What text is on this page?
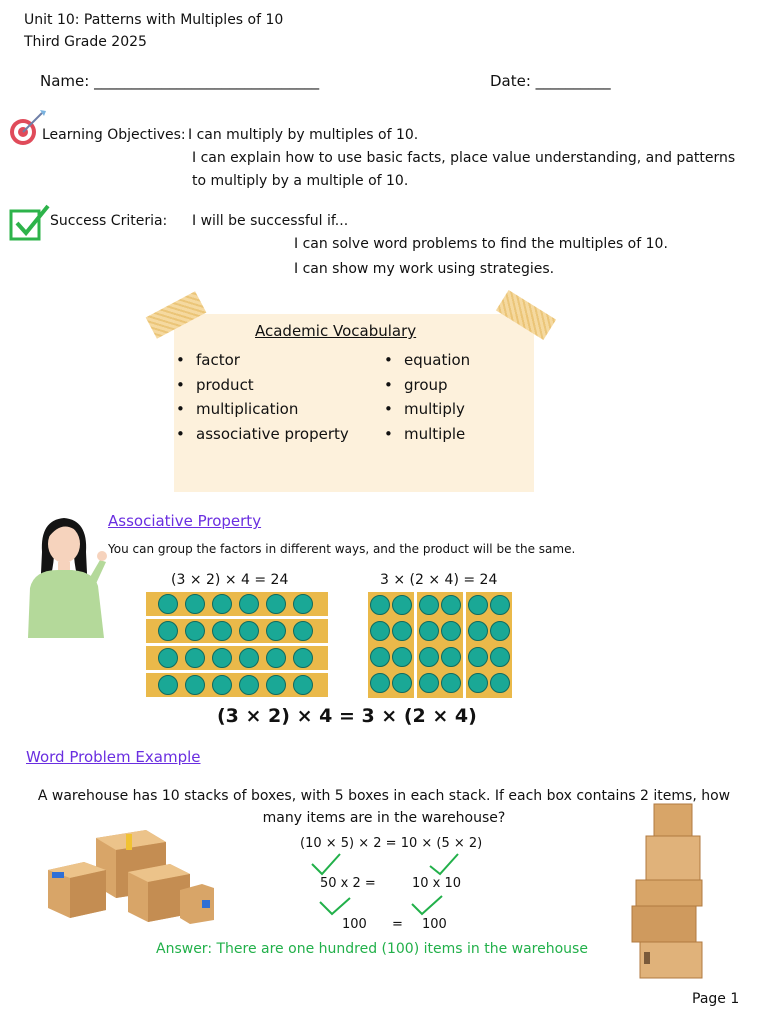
Unit 10: Patterns with Multiples of 10
Third Grade 2025
Name: ______________________________	Date: __________
Learning Objectives: I can multiply by multiples of 10.
I can explain how to use basic facts, place value understanding, and patterns
to multiply by a multiple of 10.
Success Criteria: I will be successful if...
I can solve word problems to find the multiples of 10.
I can show my work using strategies.
Academic Vocabulary
• factor
• product
• multiplication
• associative property
• equation
• group
• multiply
• multiple
Associative Property
You can group the factors in different ways, and the product will be the same.
(3 × 2) × 4 = 24	3 × (2 × 4) = 24
(3 × 2) × 4 = 3 × (2 × 4)
Word Problem Example
A warehouse has 10 stacks of boxes, with 5 boxes in each stack. If each box contains 2 items, how
many items are in the warehouse?
(10 × 5) × 2 = 10 × (5 × 2)
50 x 2 =	10 x 10
100 = 100
Answer: There are one hundred (100) items in the warehouse
Page 1
